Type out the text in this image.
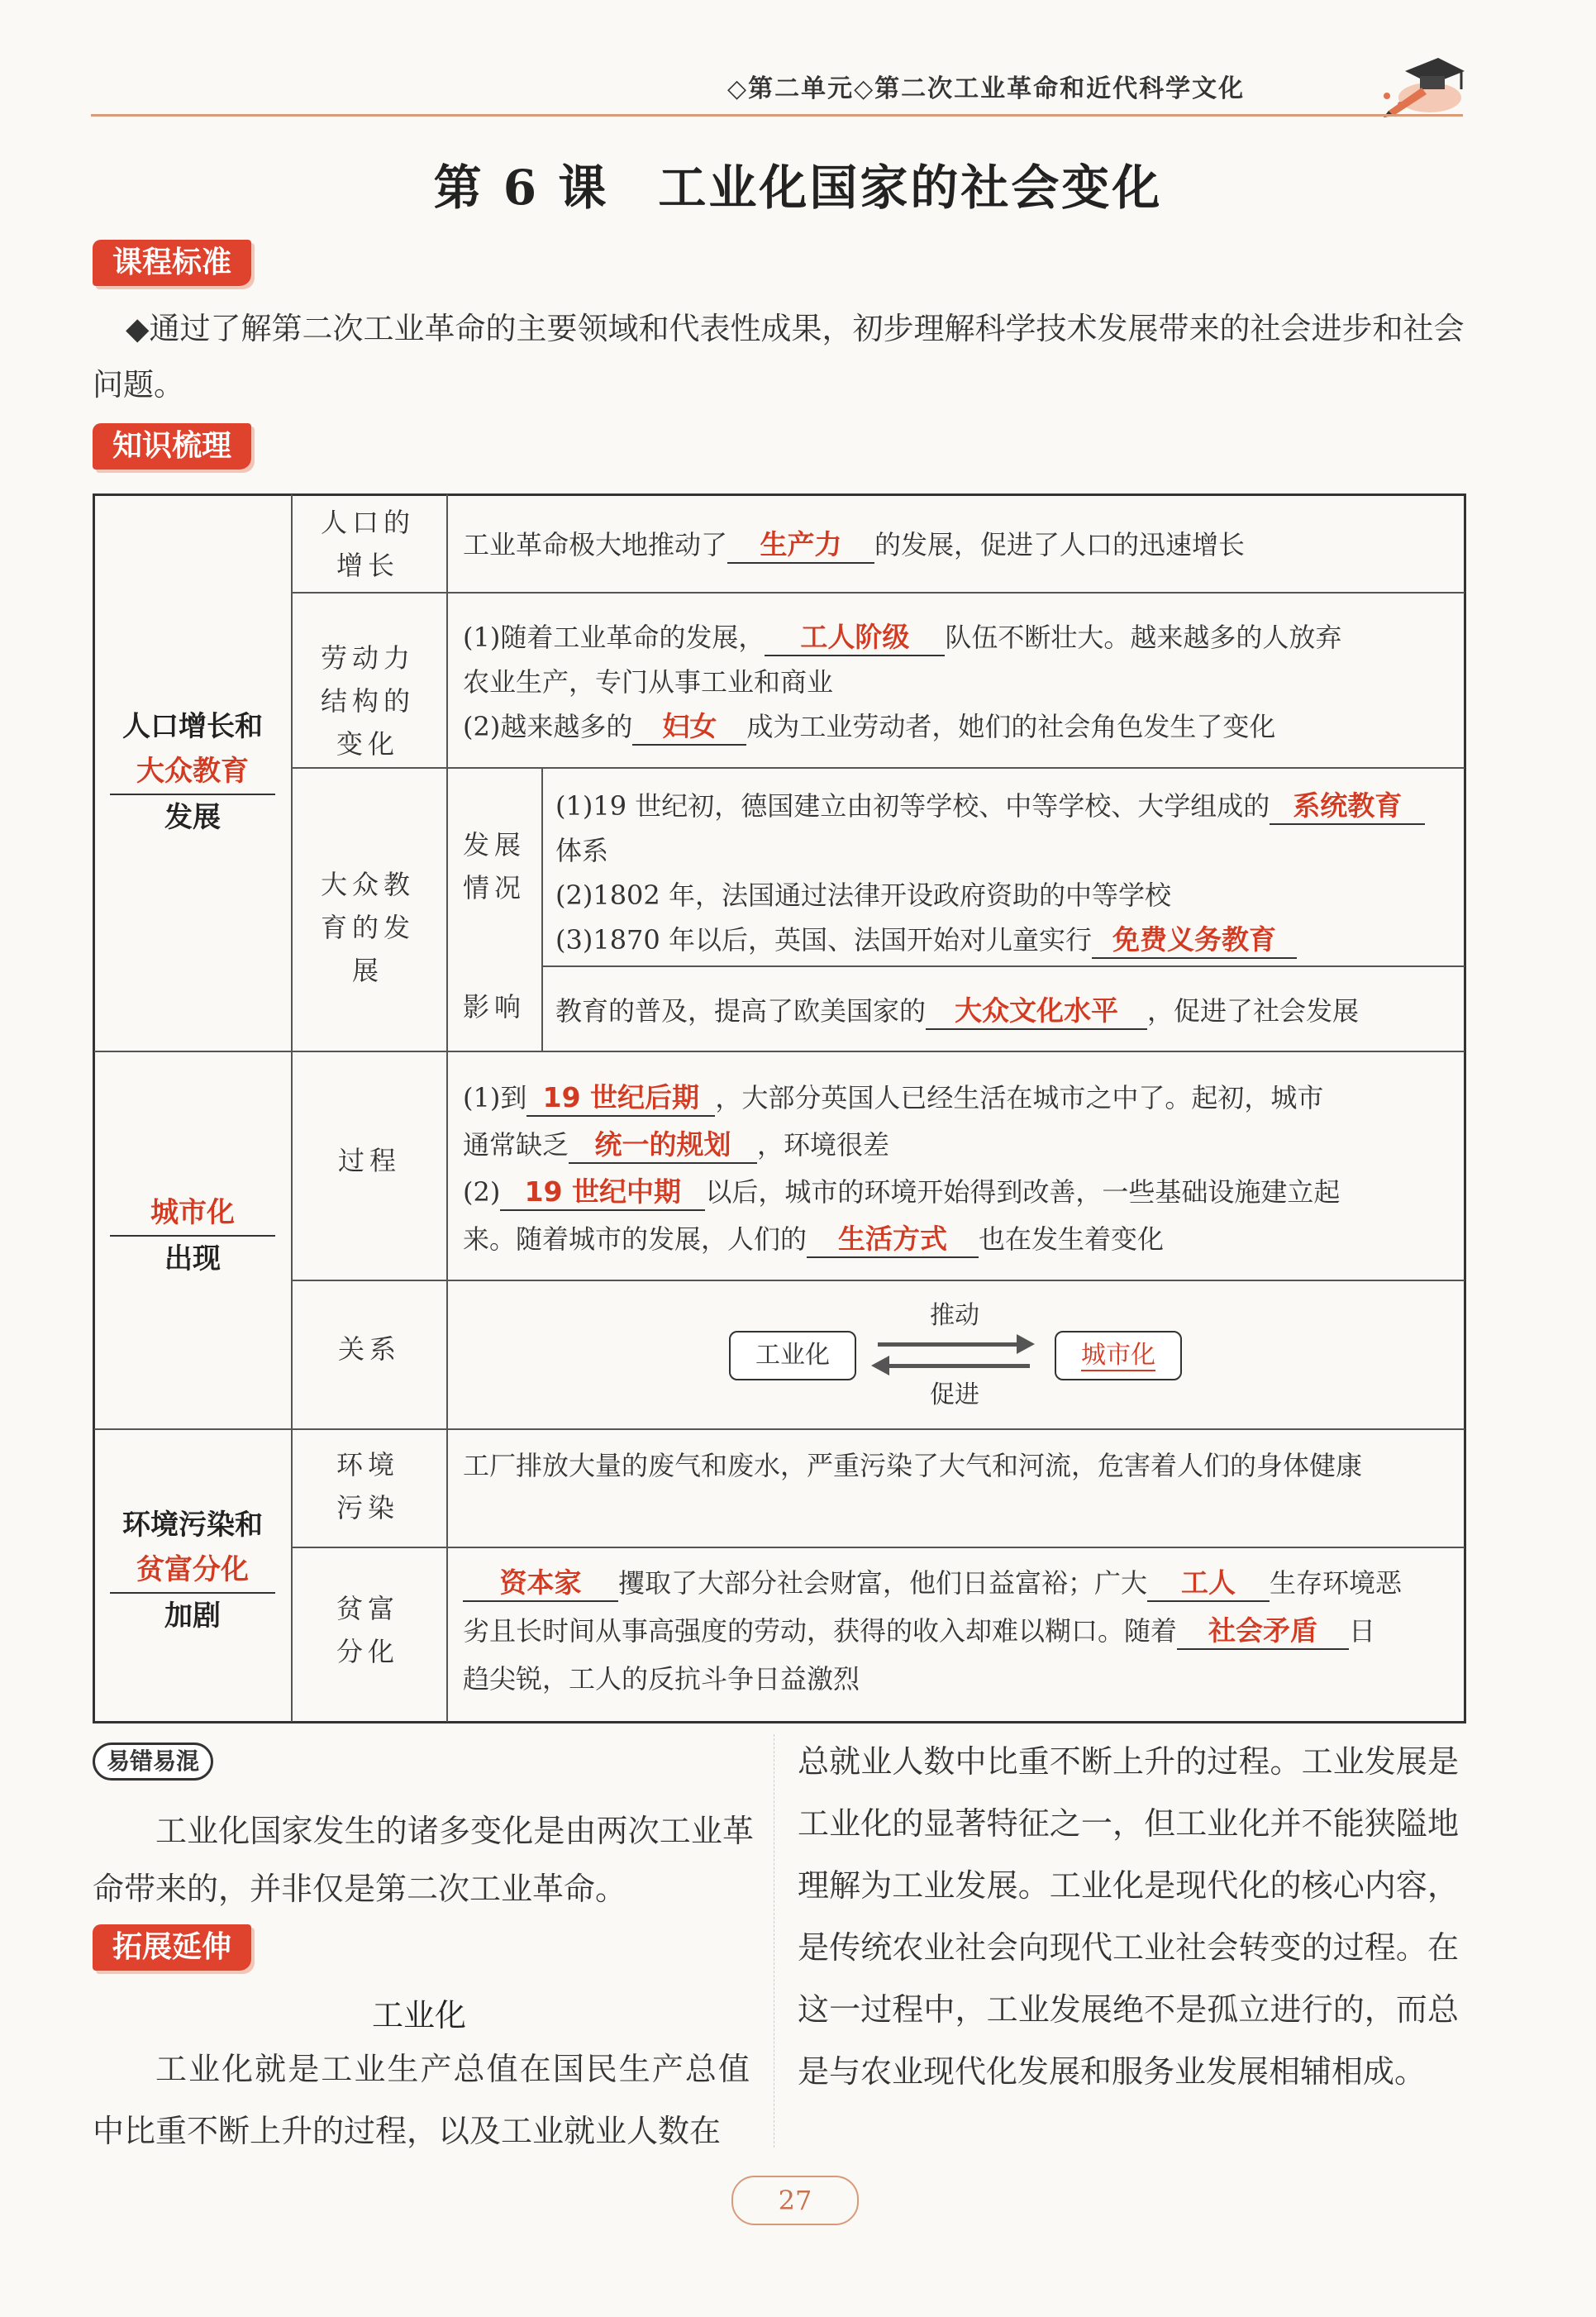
◇第二单元◇第二次工业革命和近代科学文化
第 6 课 工业化国家的社会变化
课程标准
◆通过了解第二次工业革命的主要领域和代表性成果，初步理解科学技术发展带来的社会进步和社会问题。
知识梳理
人口增长和
大众教育
发展
城市化
出现
环境污染和
贫富分化
加剧
人口的增长
劳动力结构的变化
大众教育的发展
发展情况
影响
过程
关系
环境污染
贫富分化
工业革命极大地推动了 生产力 的发展，促进了人口的迅速增长
(1)随着工业革命的发展， 工人阶级 队伍不断壮大。越来越多的人放弃
农业生产，专门从事工业和商业
(2)越来越多的 妇女 成为工业劳动者，她们的社会角色发生了变化
(1)19 世纪初，德国建立由初等学校、中等学校、大学组成的 系统教育
体系
(2)1802 年，法国通过法律开设政府资助的中等学校
(3)1870 年以后，英国、法国开始对儿童实行 免费义务教育
教育的普及，提高了欧美国家的 大众文化水平 ，促进了社会发展
(1)到 19 世纪后期 ，大部分英国人已经生活在城市之中了。起初，城市
通常缺乏 统一的规划 ，环境很差
(2) 19 世纪中期 以后，城市的环境开始得到改善，一些基础设施建立起
来。随着城市的发展，人们的 生活方式 也在发生着变化
工业化	城市化
推动
促进
工厂排放大量的废气和废水，严重污染了大气和河流，危害着人们的身体健康
资本家 攫取了大部分社会财富，他们日益富裕；广大 工人 生存环境恶
劣且长时间从事高强度的劳动，获得的收入却难以糊口。随着 社会矛盾 日
趋尖锐，工人的反抗斗争日益激烈
易错易混
工业化国家发生的诸多变化是由两次工业革命带来的，并非仅是第二次工业革命。
拓展延伸
工业化
工业化就是工业生产总值在国民生产总值中比重不断上升的过程，以及工业就业人数在
总就业人数中比重不断上升的过程。工业发展是工业化的显著特征之一，但工业化并不能狭隘地理解为工业发展。工业化是现代化的核心内容，是传统农业社会向现代工业社会转变的过程。在这一过程中，工业发展绝不是孤立进行的，而总是与农业现代化发展和服务业发展相辅相成。
27
